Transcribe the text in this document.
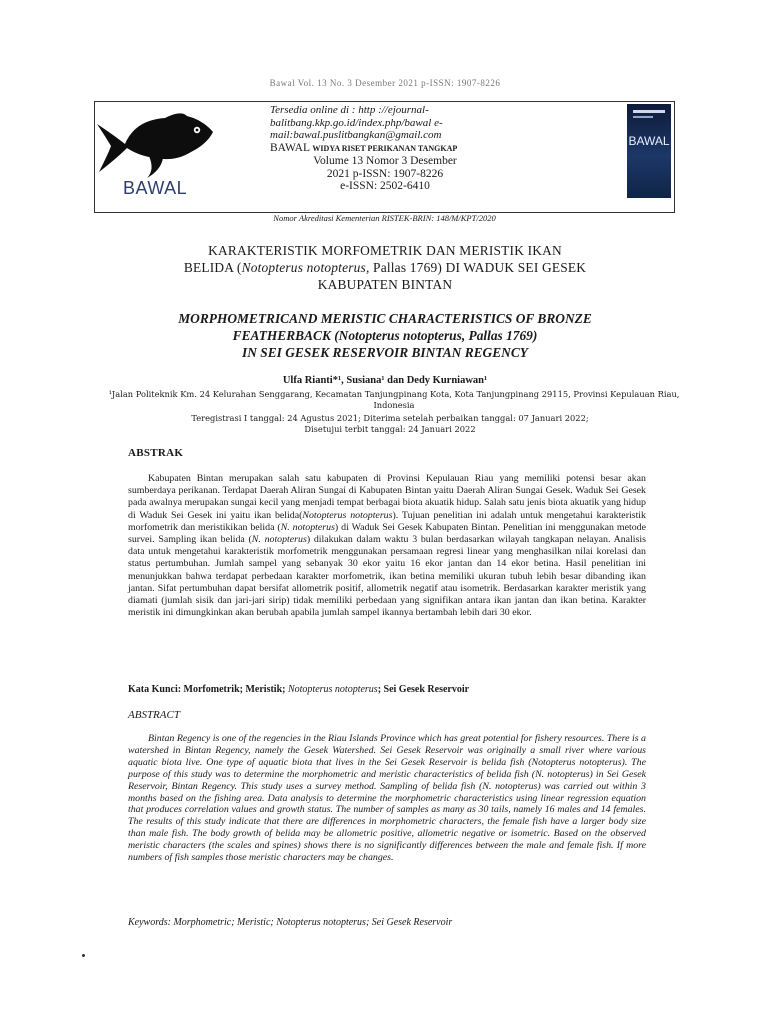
Bawal Vol. 13 No. 3 Desember 2021 p-ISSN: 1907-8226
BAWAL
Tersedia online di : http ://ejournal-balitbang.kkp.go.id/index.php/bawal e-mail:bawal.puslitbangkan@gmail.com
BAWAL WIDYA RISET PERIKANAN TANGKAP
Volume 13 Nomor 3 Desember
2021 p-ISSN: 1907-8226
e-ISSN: 2502-6410
BAWAL
Nomor Akreditasi Kementerian RISTEK-BRIN: 148/M/KPT/2020
KARAKTERISTIK MORFOMETRIK DAN MERISTIK IKAN
BELIDA (Notopterus notopterus, Pallas 1769) DI WADUK SEI GESEK
KABUPATEN BINTAN
MORPHOMETRICAND MERISTIC CHARACTERISTICS OF BRONZE
FEATHERBACK (Notopterus notopterus, Pallas 1769)
IN SEI GESEK RESERVOIR BINTAN REGENCY
Ulfa Rianti*¹, Susiana¹ dan Dedy Kurniawan¹
¹Jalan Politeknik Km. 24 Kelurahan Senggarang, Kecamatan Tanjungpinang Kota, Kota Tanjungpinang 29115, Provinsi Kepulauan Riau, Indonesia
Teregistrasi I tanggal: 24 Agustus 2021; Diterima setelah perbaikan tanggal: 07 Januari 2022;
Disetujui terbit tanggal: 24 Januari 2022
ABSTRAK
Kabupaten Bintan merupakan salah satu kabupaten di Provinsi Kepulauan Riau yang memiliki potensi besar akan sumberdaya perikanan. Terdapat Daerah Aliran Sungai di Kabupaten Bintan yaitu Daerah Aliran Sungai Gesek. Waduk Sei Gesek pada awalnya merupakan sungai kecil yang menjadi tempat berbagai biota akuatik hidup. Salah satu jenis biota akuatik yang hidup di Waduk Sei Gesek ini yaitu ikan belida(Notopterus notopterus). Tujuan penelitian ini adalah untuk mengetahui karakteristik morfometrik dan meristikikan belida (N. notopterus) di Waduk Sei Gesek Kabupaten Bintan. Penelitian ini menggunakan metode survei. Sampling ikan belida (N. notopterus) dilakukan dalam waktu 3 bulan berdasarkan wilayah tangkapan nelayan. Analisis data untuk mengetahui karakteristik morfometrik menggunakan persamaan regresi linear yang menghasilkan nilai korelasi dan status pertumbuhan. Jumlah sampel yang sebanyak 30 ekor yaitu 16 ekor jantan dan 14 ekor betina. Hasil penelitian ini menunjukkan bahwa terdapat perbedaan karakter morfometrik, ikan betina memiliki ukuran tubuh lebih besar dibanding ikan jantan. Sifat pertumbuhan dapat bersifat allometrik positif, allometrik negatif atau isometrik. Berdasarkan karakter meristik yang diamati (jumlah sisik dan jari-jari sirip) tidak memiliki perbedaan yang signifikan antara ikan jantan dan ikan betina. Karakter meristik ini dimungkinkan akan berubah apabila jumlah sampel ikannya bertambah lebih dari 30 ekor.
Kata Kunci: Morfometrik; Meristik; Notopterus notopterus; Sei Gesek Reservoir
ABSTRACT
Bintan Regency is one of the regencies in the Riau Islands Province which has great potential for fishery resources. There is a watershed in Bintan Regency, namely the Gesek Watershed. Sei Gesek Reservoir was originally a small river where various aquatic biota live. One type of aquatic biota that lives in the Sei Gesek Reservoir is belida fish (Notopterus notopterus). The purpose of this study was to determine the morphometric and meristic characteristics of belida fish (N. notopterus) in Sei Gesek Reservoir, Bintan Regency. This study uses a survey method. Sampling of belida fish (N. notopterus) was carried out within 3 months based on the fishing area. Data analysis to determine the morphometric characteristics using linear regression equation that produces correlation values and growth status. The number of samples as many as 30 tails, namely 16 males and 14 females. The results of this study indicate that there are differences in morphometric characters, the female fish have a larger body size than male fish. The body growth of belida may be allometric positive, allometric negative or isometric. Based on the observed meristic characters (the scales and spines) shows there is no significantly differences between the male and female fish. If more numbers of fish samples those meristic characters may be changes.
Keywords: Morphometric; Meristic; Notopterus notopterus; Sei Gesek Reservoir
